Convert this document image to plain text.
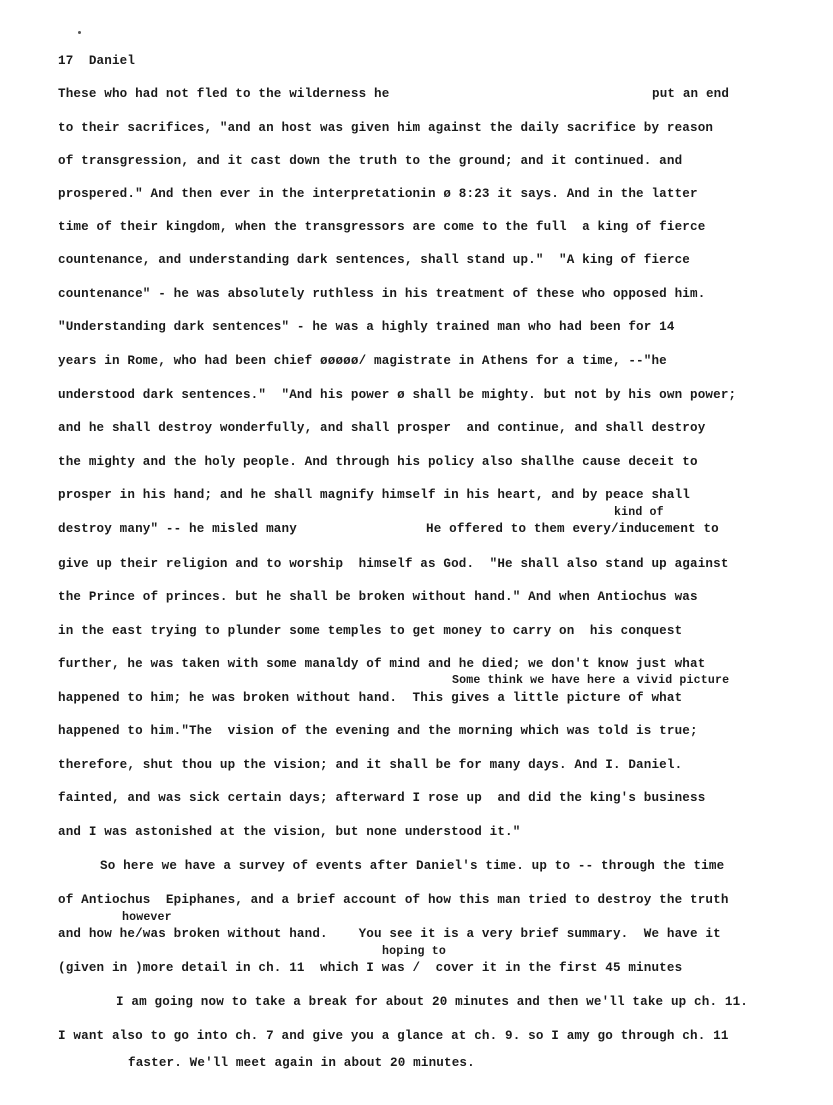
17 Daniel
These who had not fled to the wilderness he	put an end
to their sacrifices, "and an host was given him against the daily sacrifice by reason
of transgression, and it cast down the truth to the ground; and it continued. and
prospered." And then ever in the interpretationin ø 8:23 it says. And in the latter
time of their kingdom, when the transgressors are come to the full  a king of fierce
countenance, and understanding dark sentences, shall stand up."  "A king of fierce
countenance" - he was absolutely ruthless in his treatment of these who opposed him.
"Understanding dark sentences" - he was a highly trained man who had been for 14
years in Rome, who had been chief øøøøø/ magistrate in Athens for a time, --"he
understood dark sentences."  "And his power ø shall be mighty. but not by his own power;
and he shall destroy wonderfully, and shall prosper  and continue, and shall destroy
the mighty and the holy people. And through his policy also shallhe cause deceit to
prosper in his hand; and he shall magnify himself in his heart, and by peace shall
kind of
destroy many" -- he misled many	He offered to them every/inducement to
give up their religion and to worship  himself as God.  "He shall also stand up against
the Prince of princes. but he shall be broken without hand." And when Antiochus was
in the east trying to plunder some temples to get money to carry on  his conquest
further, he was taken with some manaldy of mind and he died; we don't know just what
Some think we have here a vivid picture
happened to him; he was broken without hand.  This gives a little picture of what
happened to him."The  vision of the evening and the morning which was told is true;
therefore, shut thou up the vision; and it shall be for many days. And I. Daniel.
fainted, and was sick certain days; afterward I rose up  and did the king's business
and I was astonished at the vision, but none understood it."
So here we have a survey of events after Daniel's time. up to -- through the time
of Antiochus  Epiphanes, and a brief account of how this man tried to destroy the truth
however
and how he/was broken without hand.    You see it is a very brief summary.  We have it
hoping to
(given in )more detail in ch. 11  which I was /  cover it in the first 45 minutes
I am going now to take a break for about 20 minutes and then we'll take up ch. 11.
I want also to go into ch. 7 and give you a glance at ch. 9. so I amy go through ch. 11
faster. We'll meet again in about 20 minutes.
